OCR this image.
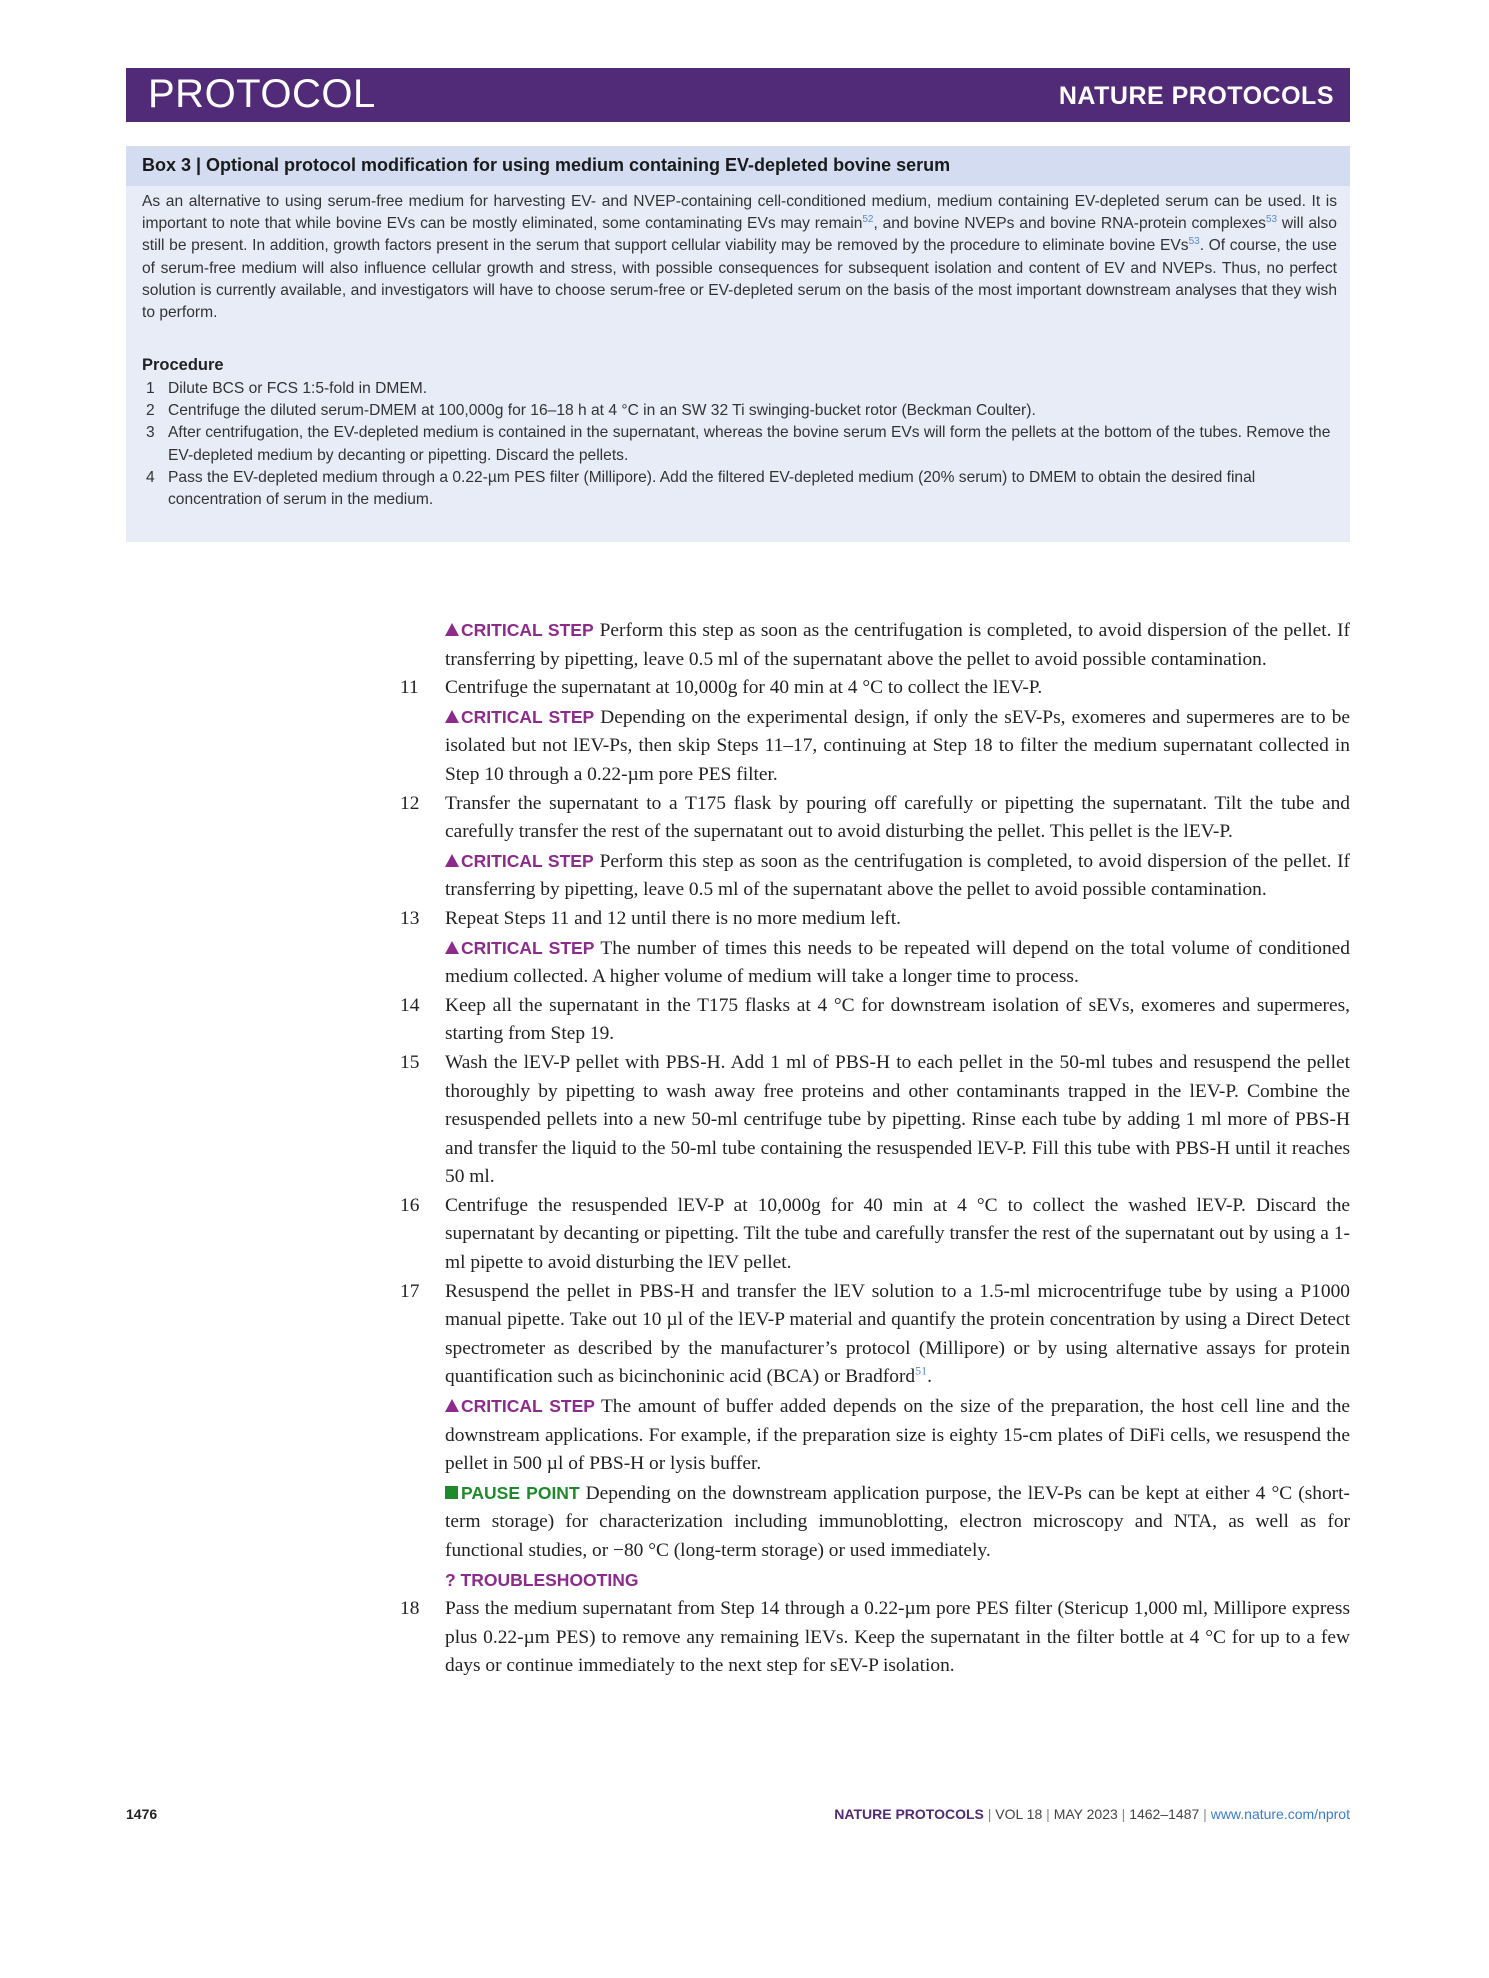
PROTOCOL	NATURE PROTOCOLS
Box 3 | Optional protocol modification for using medium containing EV-depleted bovine serum
As an alternative to using serum-free medium for harvesting EV- and NVEP-containing cell-conditioned medium, medium containing EV-depleted serum can be used. It is important to note that while bovine EVs can be mostly eliminated, some contaminating EVs may remain$^{52}$, and bovine NVEPs and bovine RNA-protein complexes$^{53}$ will also still be present. In addition, growth factors present in the serum that support cellular viability may be removed by the procedure to eliminate bovine EVs$^{53}$. Of course, the use of serum-free medium will also influence cellular growth and stress, with possible consequences for subsequent isolation and content of EV and NVEPs. Thus, no perfect solution is currently available, and investigators will have to choose serum-free or EV-depleted serum on the basis of the most important downstream analyses that they wish to perform.
Procedure
1 Dilute BCS or FCS 1:5-fold in DMEM.
2 Centrifuge the diluted serum-DMEM at 100,000g for 16–18 h at 4 °C in an SW 32 Ti swinging-bucket rotor (Beckman Coulter).
3 After centrifugation, the EV-depleted medium is contained in the supernatant, whereas the bovine serum EVs will form the pellets at the bottom of the tubes. Remove the EV-depleted medium by decanting or pipetting. Discard the pellets.
4 Pass the EV-depleted medium through a 0.22-µm PES filter (Millipore). Add the filtered EV-depleted medium (20% serum) to DMEM to obtain the desired final concentration of serum in the medium.
CRITICAL STEP Perform this step as soon as the centrifugation is completed, to avoid dispersion of the pellet. If transferring by pipetting, leave 0.5 ml of the supernatant above the pellet to avoid possible contamination.
11 Centrifuge the supernatant at 10,000g for 40 min at 4 °C to collect the lEV-P.
CRITICAL STEP Depending on the experimental design, if only the sEV-Ps, exomeres and supermeres are to be isolated but not lEV-Ps, then skip Steps 11–17, continuing at Step 18 to filter the medium supernatant collected in Step 10 through a 0.22-µm pore PES filter.
12 Transfer the supernatant to a T175 flask by pouring off carefully or pipetting the supernatant. Tilt the tube and carefully transfer the rest of the supernatant out to avoid disturbing the pellet. This pellet is the lEV-P.
CRITICAL STEP Perform this step as soon as the centrifugation is completed, to avoid dispersion of the pellet. If transferring by pipetting, leave 0.5 ml of the supernatant above the pellet to avoid possible contamination.
13 Repeat Steps 11 and 12 until there is no more medium left.
CRITICAL STEP The number of times this needs to be repeated will depend on the total volume of conditioned medium collected. A higher volume of medium will take a longer time to process.
14 Keep all the supernatant in the T175 flasks at 4 °C for downstream isolation of sEVs, exomeres and supermeres, starting from Step 19.
15 Wash the lEV-P pellet with PBS-H. Add 1 ml of PBS-H to each pellet in the 50-ml tubes and resuspend the pellet thoroughly by pipetting to wash away free proteins and other contaminants trapped in the lEV-P. Combine the resuspended pellets into a new 50-ml centrifuge tube by pipetting. Rinse each tube by adding 1 ml more of PBS-H and transfer the liquid to the 50-ml tube containing the resuspended lEV-P. Fill this tube with PBS-H until it reaches 50 ml.
16 Centrifuge the resuspended lEV-P at 10,000g for 40 min at 4 °C to collect the washed lEV-P. Discard the supernatant by decanting or pipetting. Tilt the tube and carefully transfer the rest of the supernatant out by using a 1-ml pipette to avoid disturbing the lEV pellet.
17 Resuspend the pellet in PBS-H and transfer the lEV solution to a 1.5-ml microcentrifuge tube by using a P1000 manual pipette. Take out 10 µl of the lEV-P material and quantify the protein concentration by using a Direct Detect spectrometer as described by the manufacturer’s protocol (Millipore) or by using alternative assays for protein quantification such as bicinchoninic acid (BCA) or Bradford$^{51}$.
CRITICAL STEP The amount of buffer added depends on the size of the preparation, the host cell line and the downstream applications. For example, if the preparation size is eighty 15-cm plates of DiFi cells, we resuspend the pellet in 500 µl of PBS-H or lysis buffer.
PAUSE POINT Depending on the downstream application purpose, the lEV-Ps can be kept at either 4 °C (short-term storage) for characterization including immunoblotting, electron microscopy and NTA, as well as for functional studies, or −80 °C (long-term storage) or used immediately.
? TROUBLESHOOTING
18 Pass the medium supernatant from Step 14 through a 0.22-µm pore PES filter (Stericup 1,000 ml, Millipore express plus 0.22-µm PES) to remove any remaining lEVs. Keep the supernatant in the filter bottle at 4 °C for up to a few days or continue immediately to the next step for sEV-P isolation.
1476	NATURE PROTOCOLS | VOL 18 | MAY 2023 | 1462–1487 | www.nature.com/nprot
